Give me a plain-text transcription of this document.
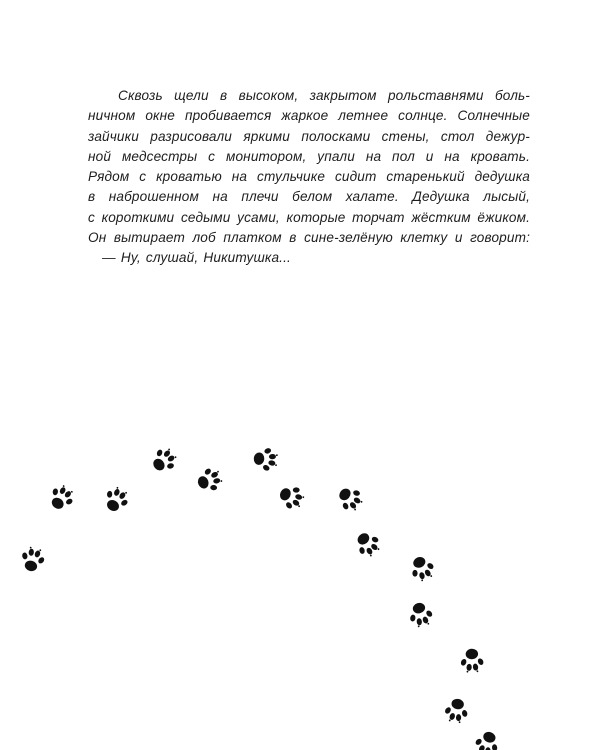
Сквозь щели в высоком, закрытом рольставнями боль-
ничном окне пробивается жаркое летнее солнце. Солнечные
зайчики разрисовали яркими полосками стены, стол дежур-
ной медсестры с монитором, упали на пол и на кровать.
Рядом с кроватью на стульчике сидит старенький дедушка
в наброшенном на плечи белом халате. Дедушка лысый,
с короткими седыми усами, которые торчат жёстким ёжиком.
Он вытирает лоб платком в сине-зелёную клетку и говорит:
— Ну, слушай, Никитушка...
